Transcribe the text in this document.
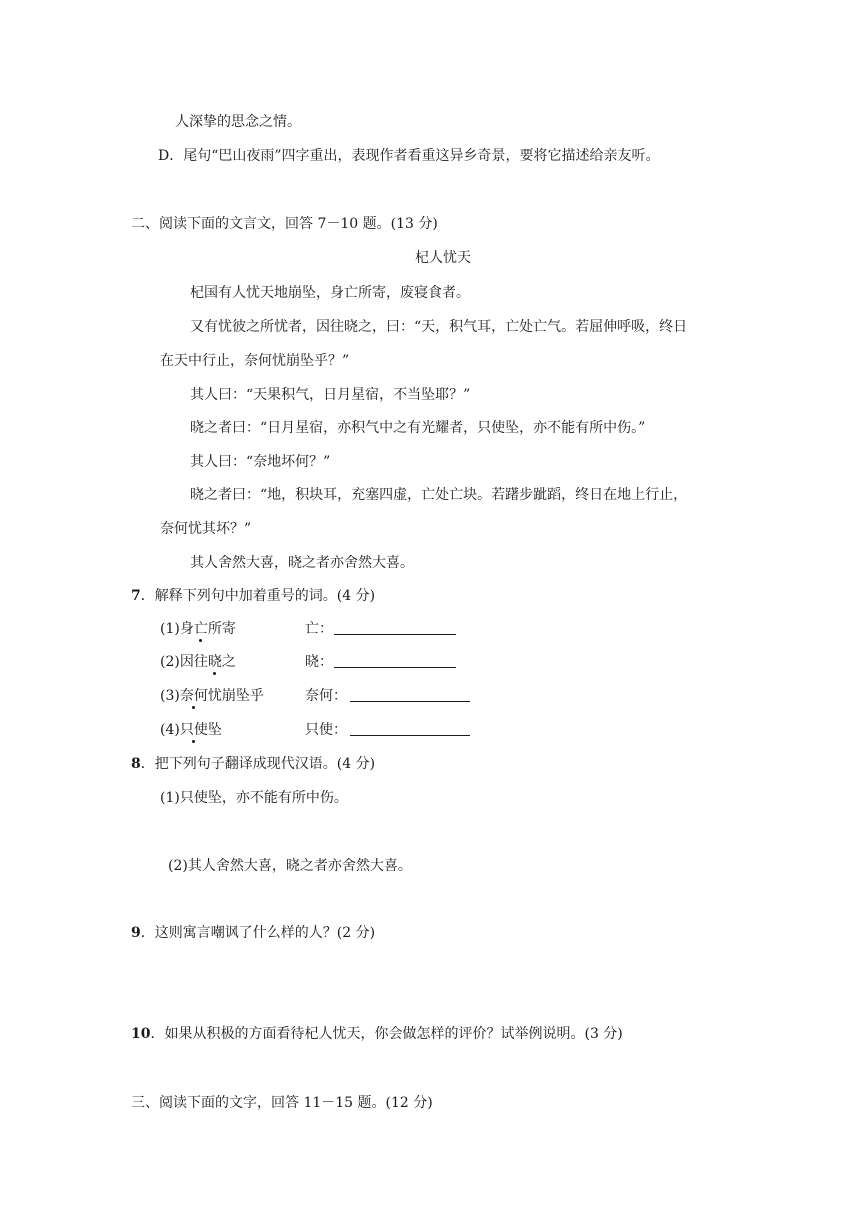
人深挚的思念之情。
D．尾句“巴山夜雨”四字重出，表现作者看重这异乡奇景，要将它描述给亲友听。
二、阅读下面的文言文，回答 7－10 题。(13 分)
杞人忧天
杞国有人忧天地崩坠，身亡所寄，废寝食者。
又有忧彼之所忧者，因往晓之，曰：“天，积气耳，亡处亡气。若屈伸呼吸，终日
在天中行止，奈何忧崩坠乎？”
其人曰：“天果积气，日月星宿，不当坠耶？”
晓之者曰：“日月星宿，亦积气中之有光耀者，只使坠，亦不能有所中伤。”
其人曰：“奈地坏何？”
晓之者曰：“地，积块耳，充塞四虚，亡处亡块。若躇步跐蹈，终日在地上行止，
奈何忧其坏？”
其人舍然大喜，晓之者亦舍然大喜。
7．解释下列句中加着重号的词。(4 分)
(1)身亡所寄	亡：
(2)因往晓之	晓：
(3)奈何忧崩坠乎	奈何：
(4)只使坠	只使：
8．把下列句子翻译成现代汉语。(4 分)
(1)只使坠，亦不能有所中伤。
(2)其人舍然大喜，晓之者亦舍然大喜。
9．这则寓言嘲讽了什么样的人？(2 分)
10．如果从积极的方面看待杞人忧天，你会做怎样的评价？试举例说明。(3 分)
三、阅读下面的文字，回答 11－15 题。(12 分)
